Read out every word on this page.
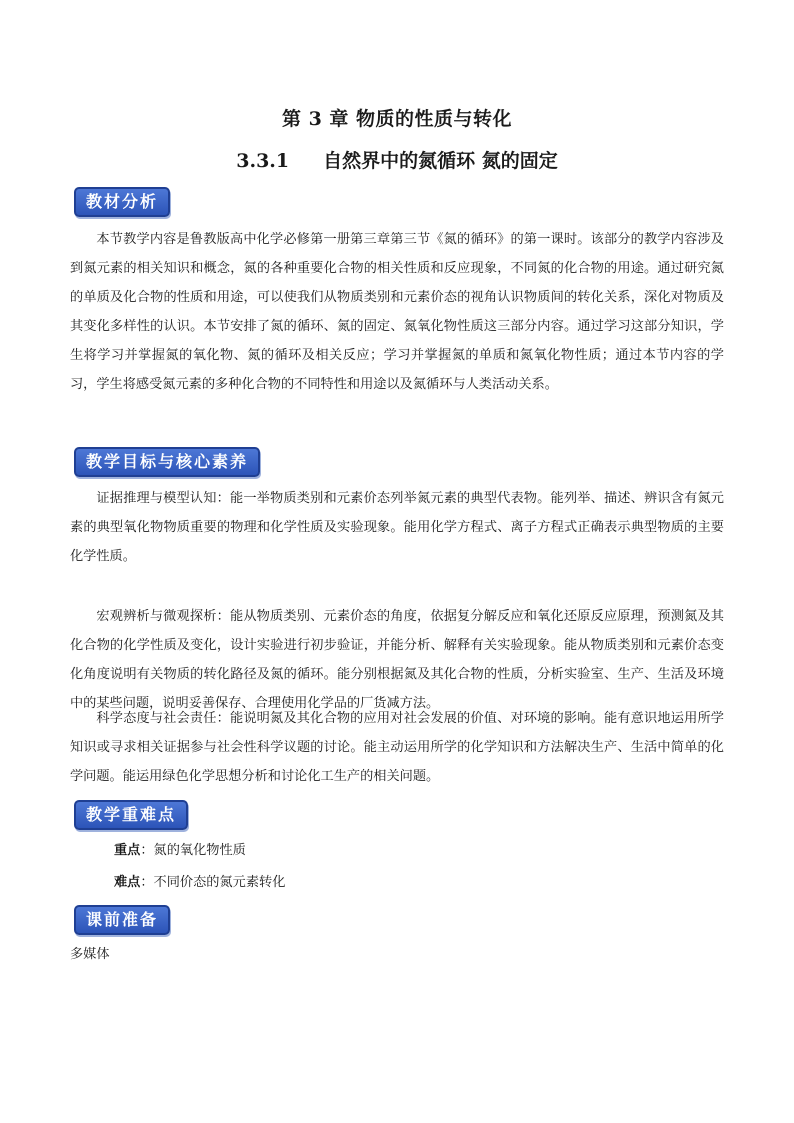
第 3 章 物质的性质与转化
3.3.1 自然界中的氮循环 氮的固定
教材分析

本节教学内容是鲁教版高中化学必修第一册第三章第三节《氮的循环》的第一课时。该部分的教学内容涉及到氮元素的相关知识和概念，氮的各种重要化合物的相关性质和反应现象，不同氮的化合物的用途。通过研究氮的单质及化合物的性质和用途，可以使我们从物质类别和元素价态的视角认识物质间的转化关系，深化对物质及其变化多样性的认识。本节安排了氮的循环、氮的固定、氮氧化物性质这三部分内容。通过学习这部分知识，学生将学习并掌握氮的氧化物、氮的循环及相关反应；学习并掌握氮的单质和氮氧化物性质；通过本节内容的学习，学生将感受氮元素的多种化合物的不同特性和用途以及氮循环与人类活动关系。

教学目标与核心素养

证据推理与模型认知：能一举物质类别和元素价态列举氮元素的典型代表物。能列举、描述、辨识含有氮元素的典型氧化物物质重要的物理和化学性质及实验现象。能用化学方程式、离子方程式正确表示典型物质的主要化学性质。

宏观辨析与微观探析：能从物质类别、元素价态的角度，依据复分解反应和氧化还原反应原理，预测氮及其化合物的化学性质及变化，设计实验进行初步验证，并能分析、解释有关实验现象。能从物质类别和元素价态变化角度说明有关物质的转化路径及氮的循环。能分别根据氮及其化合物的性质，分析实验室、生产、生活及环境中的某些问题，说明妥善保存、合理使用化学品的厂货减方法。

科学态度与社会责任：能说明氮及其化合物的应用对社会发展的价值、对环境的影响。能有意识地运用所学知识或寻求相关证据参与社会性科学议题的讨论。能主动运用所学的化学知识和方法解决生产、生活中简单的化学问题。能运用绿色化学思想分析和讨论化工生产的相关问题。

教学重难点
重点：氮的氧化物性质
难点：不同价态的氮元素转化
课前准备
多媒体
